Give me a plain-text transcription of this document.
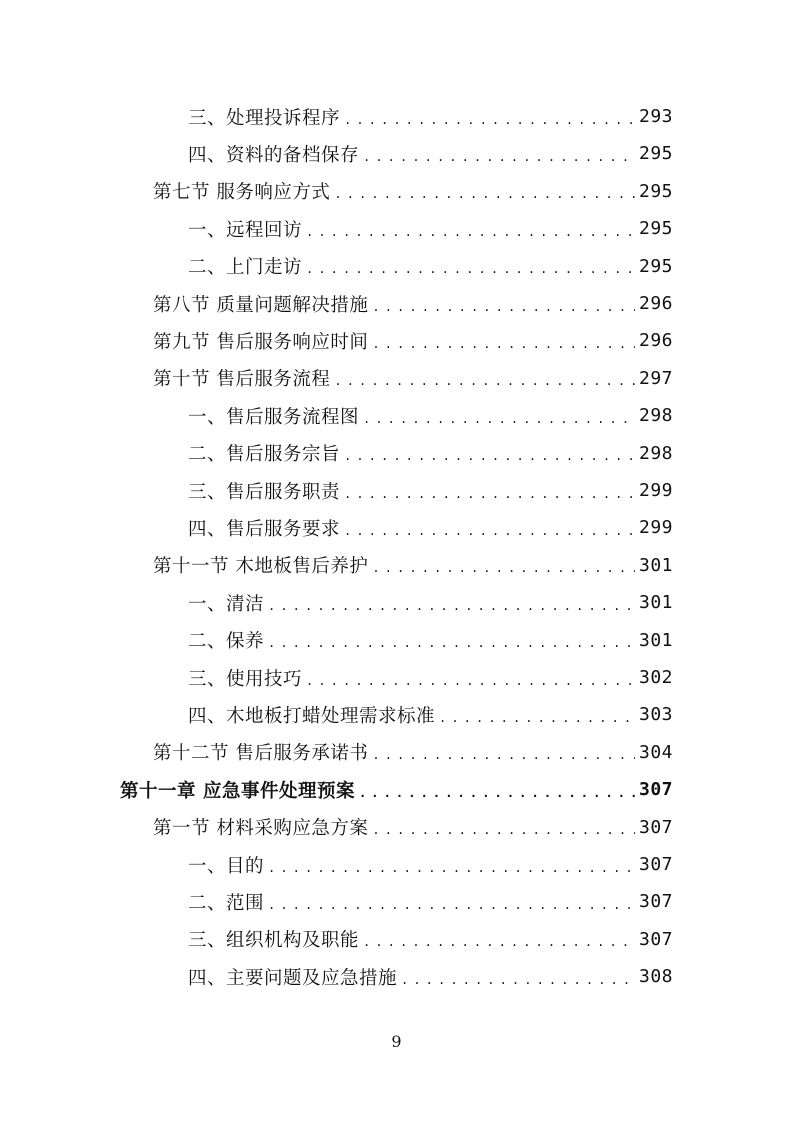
三、处理投诉程序 .....	293
四、资料的备档保存 .....	295
第七节 服务响应方式 .....	295
一、远程回访 .....	295
二、上门走访 .....	295
第八节 质量问题解决措施 .....	296
第九节 售后服务响应时间 .....	296
第十节 售后服务流程 .....	297
一、售后服务流程图 .....	298
二、售后服务宗旨 .....	298
三、售后服务职责 .....	299
四、售后服务要求 .....	299
第十一节 木地板售后养护 .....	301
一、清洁 .....	301
二、保养 .....	301
三、使用技巧 .....	302
四、木地板打蜡处理需求标准 .....	303
第十二节 售后服务承诺书 .....	304
第十一章 应急事件处理预案 .....	307
第一节 材料采购应急方案 .....	307
一、目的 .....	307
二、范围 .....	307
三、组织机构及职能 .....	307
四、主要问题及应急措施 .....	308
9
